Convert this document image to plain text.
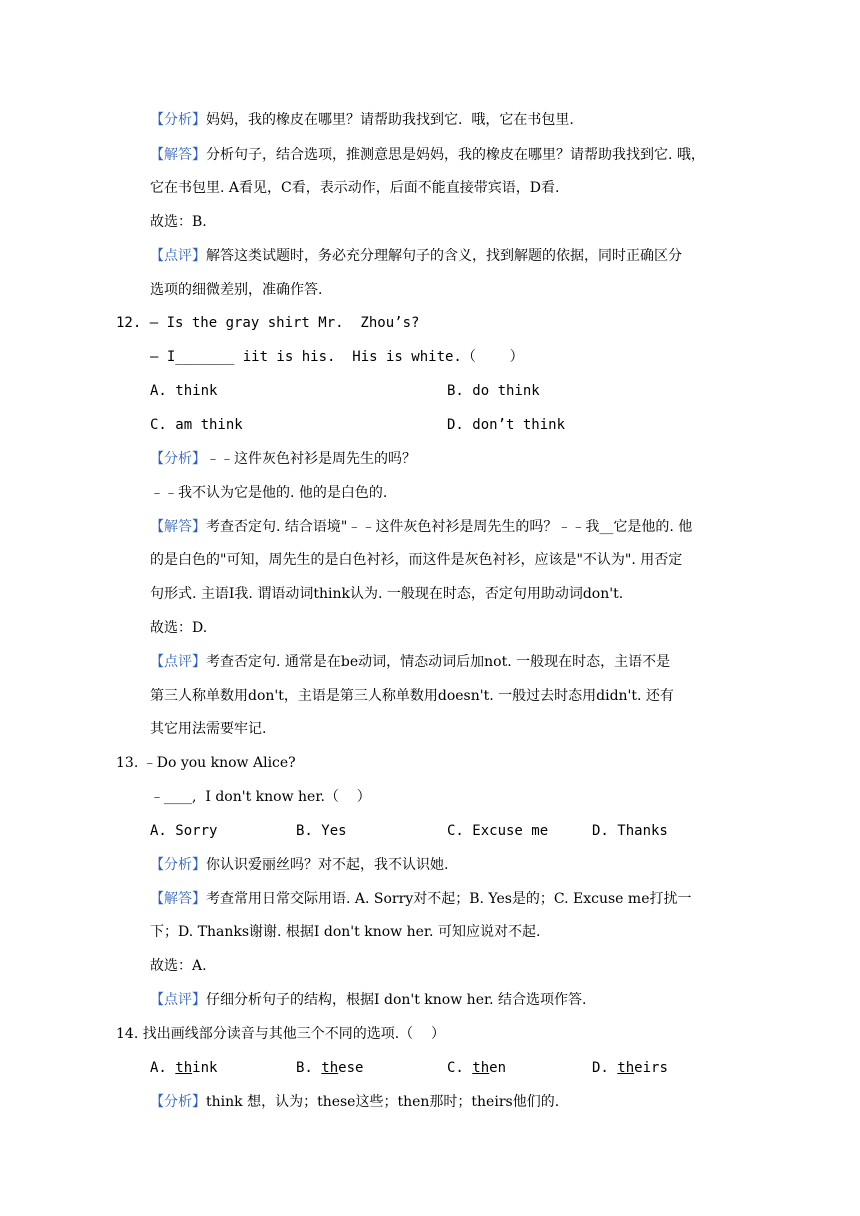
【分析】妈妈，我的橡皮在哪里？请帮助我找到它.  哦，它在书包里.
【解答】分析句子，结合选项，推测意思是妈妈，我的橡皮在哪里？请帮助我找到它. 哦，
它在书包里. A看见，C看，表示动作，后面不能直接带宾语，D看.
故选：B.
【点评】解答这类试题时，务必充分理解句子的含义，找到解题的依据，同时正确区分
选项的细微差别，准确作答.
12. – Is the gray shirt Mr.  Zhou’s?
– I_______ iit is his.  His is white.（    ）
A. think	B. do think
C. am think	D. don’t think
【分析】﹣﹣这件灰色衬衫是周先生的吗？
﹣﹣我不认为它是他的. 他的是白色的.
【解答】考查否定句. 结合语境"﹣﹣这件灰色衬衫是周先生的吗？﹣﹣我__它是他的. 他
的是白色的"可知，周先生的是白色衬衫，而这件是灰色衬衫，应该是"不认为". 用否定
句形式. 主语I我. 谓语动词think认为. 一般现在时态，否定句用助动词don't.
故选：D.
【点评】考查否定句. 通常是在be动词，情态动词后加not. 一般现在时态，主语不是
第三人称单数用don't，主语是第三人称单数用doesn't. 一般过去时态用didn't. 还有
其它用法需要牢记.
13. ﹣Do you know Alice?
﹣____,  I don't know her.（    ）
A. Sorry	B. Yes	C. Excuse me	D. Thanks
【分析】你认识爱丽丝吗？对不起，我不认识她.
【解答】考查常用日常交际用语. A. Sorry对不起；B. Yes是的；C. Excuse me打扰一
下；D. Thanks谢谢. 根据I don't know her. 可知应说对不起.
故选：A.
【点评】仔细分析句子的结构，根据I don't know her. 结合选项作答.
14. 找出画线部分读音与其他三个不同的选项.（    ）
A. think	B. these	C. then	D. theirs
【分析】think 想，认为；these这些；then那时；theirs他们的.
